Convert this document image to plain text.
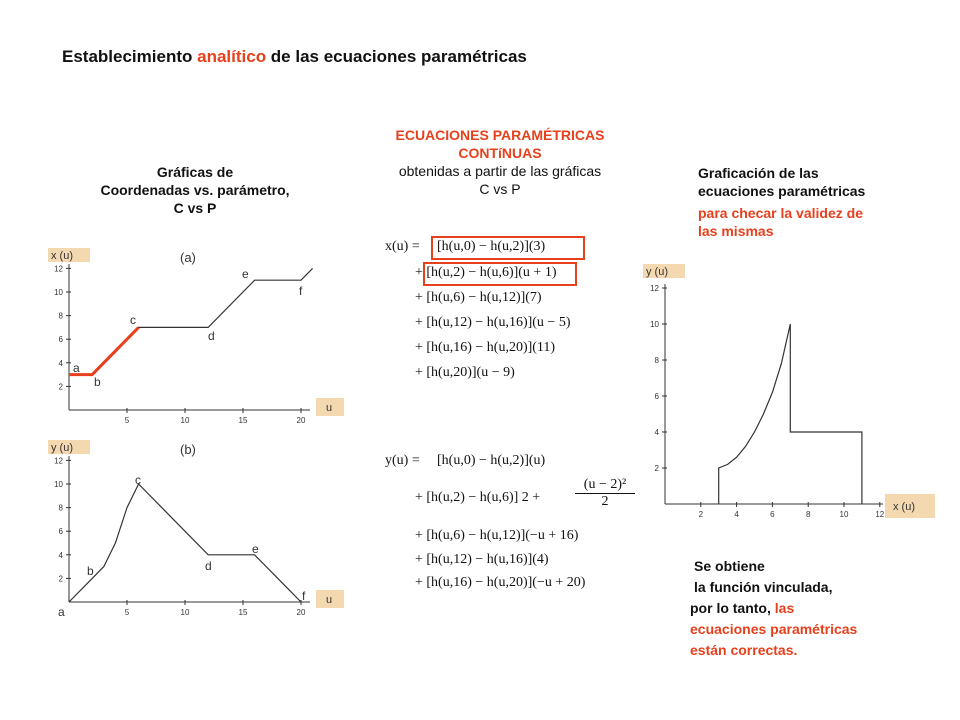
Establecimiento analítico de las ecuaciones paramétricas
Gráficas de
Coordenadas vs. parámetro,
C vs P
ECUACIONES PARAMÉTRICAS
CONTíNUAS
obtenidas a partir de las gráficas
C vs P
Graficación de las
ecuaciones paramétricas
para checar la validez de
las mismas
x (u)
u
(a)
2
4
6
8
10
12
5	10	15	20
a
b
c
d
e
f
y (u)
u
(b)
2
4
6
8
10
12
5	10	15	20
a
b
c
d
e
f
y (u)
x (u)
2
4
6
8
10
12
2	4	6	8	10	12
x(u) = [h(u,0) − h(u,2)](3)
+ [h(u,2) − h(u,6)](u + 1)
+ [h(u,6) − h(u,12)](7)
+ [h(u,12) − h(u,16)](u − 5)
+ [h(u,16) − h(u,20)](11)
+ [h(u,20)](u − 9)
y(u) = [h(u,0) − h(u,2)](u)
+ [h(u,2) − h(u,6)] $2 + \frac{\text{(u − 2)²}}{2}$
+ [h(u,6) − h(u,12)](−u + 16)
+ [h(u,12) − h(u,16)](4)
+ [h(u,16) − h(u,20)](−u + 20)
Se obtiene
la función vinculada,
por lo tanto, las
ecuaciones paramétricas
están correctas.
